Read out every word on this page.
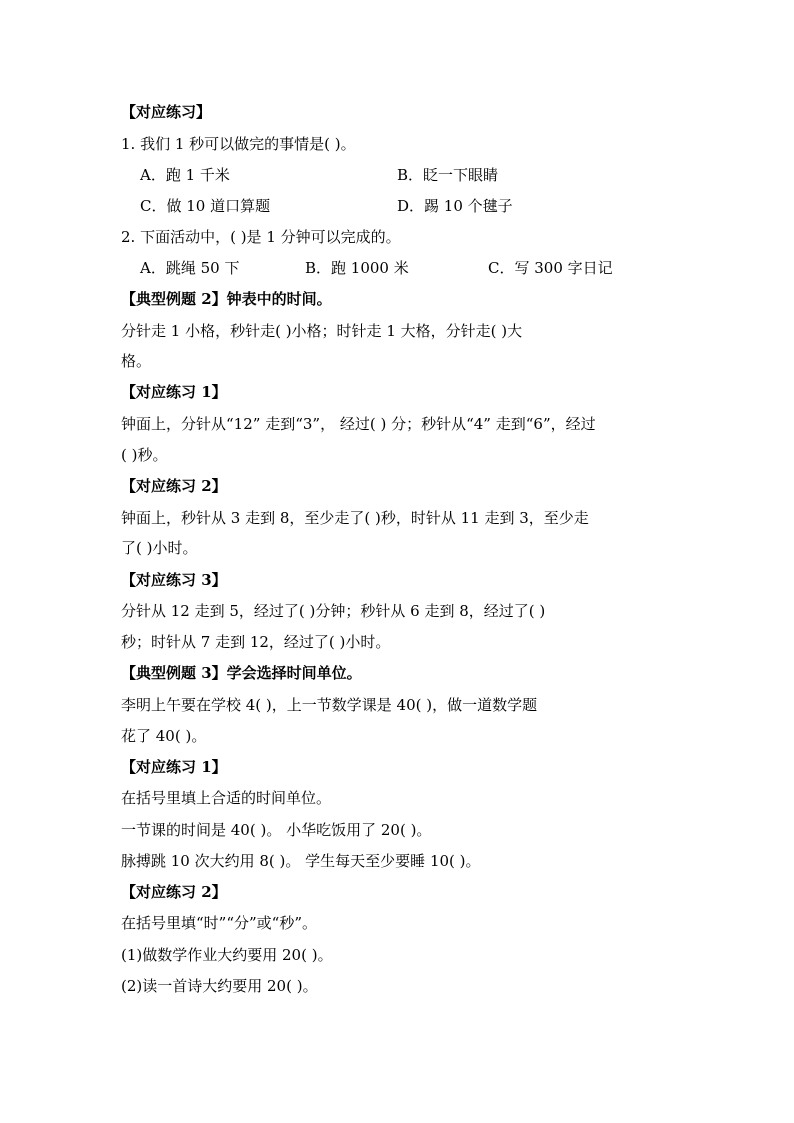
【对应练习】
1. 我们 1 秒可以做完的事情是( )。
A．跑 1 千米	B．眨一下眼睛
C．做 10 道口算题	D．踢 10 个毽子
2. 下面活动中，( )是 1 分钟可以完成的。
A．跳绳 50 下	B．跑 1000 米	C．写 300 字日记
【典型例题 2】钟表中的时间。
分针走 1 小格，秒针走( )小格；时针走 1 大格，分针走( )大
格。
【对应练习 1】
钟面上，分针从“12” 走到“3”， 经过( ) 分；秒针从“4” 走到“6”，经过
( )秒。
【对应练习 2】
钟面上，秒针从 3 走到 8，至少走了( )秒，时针从 11 走到 3，至少走
了( )小时。
【对应练习 3】
分针从 12 走到 5，经过了( )分钟；秒针从 6 走到 8，经过了( )
秒；时针从 7 走到 12，经过了( )小时。
【典型例题 3】学会选择时间单位。
李明上午要在学校 4( )，上一节数学课是 40( )，做一道数学题
花了 40( )。
【对应练习 1】
在括号里填上合适的时间单位。
一节课的时间是 40( )。 小华吃饭用了 20( )。
脉搏跳 10 次大约用 8( )。 学生每天至少要睡 10( )。
【对应练习 2】
在括号里填“时”“分”或“秒”。
(1)做数学作业大约要用 20( )。
(2)读一首诗大约要用 20( )。
